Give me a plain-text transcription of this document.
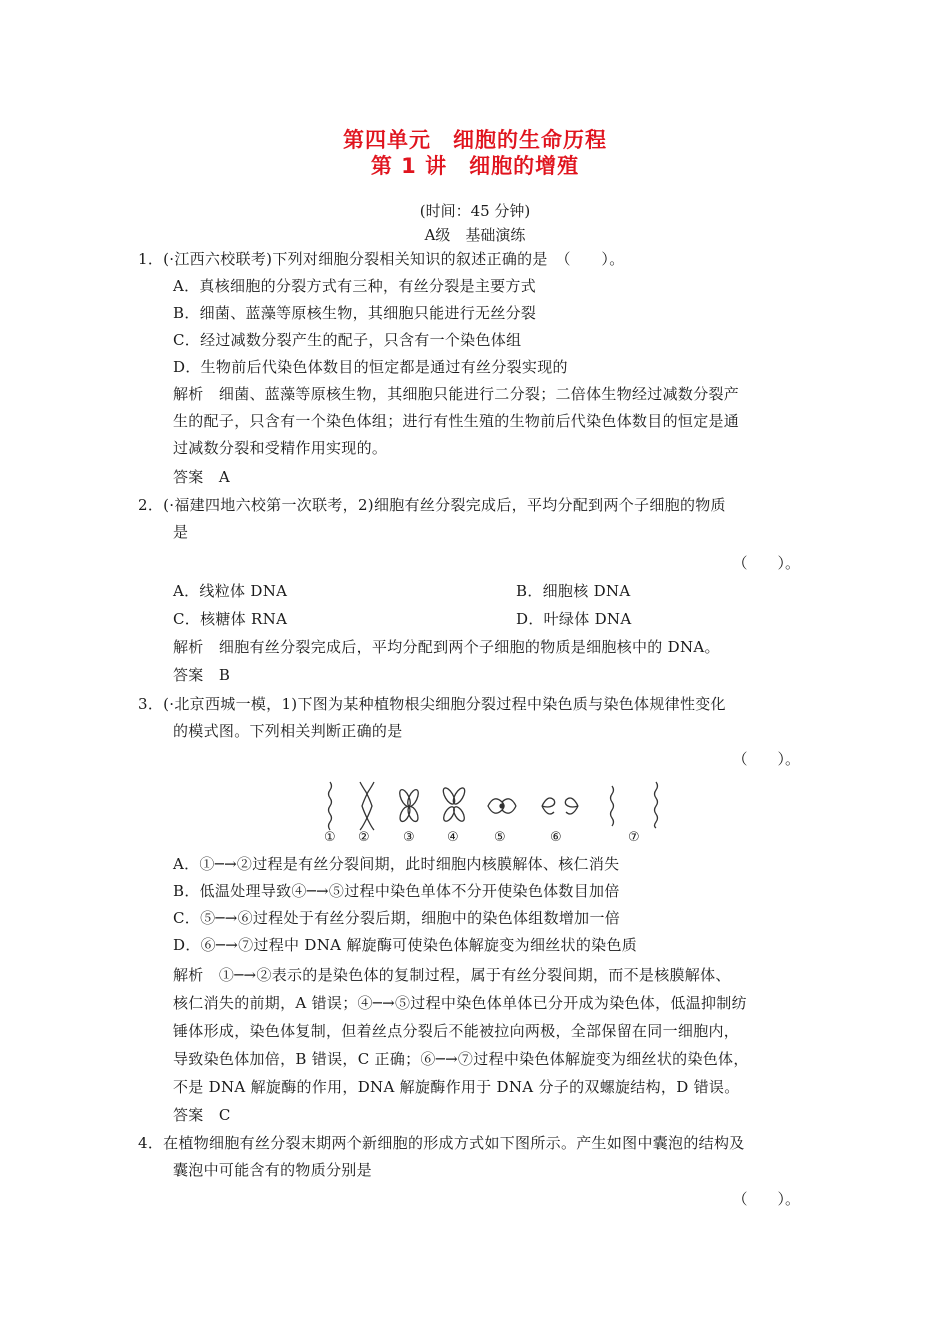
第四单元　细胞的生命历程
第 1 讲　细胞的增殖
(时间：45 分钟)
A级　基础演练
1．(·江西六校联考)下列对细胞分裂相关知识的叙述正确的是　（　　）。
A．真核细胞的分裂方式有三种，有丝分裂是主要方式
B．细菌、蓝藻等原核生物，其细胞只能进行无丝分裂
C．经过减数分裂产生的配子，只含有一个染色体组
D．生物前后代染色体数目的恒定都是通过有丝分裂实现的
解析　细菌、蓝藻等原核生物，其细胞只能进行二分裂；二倍体生物经过减数分裂产
生的配子，只含有一个染色体组；进行有性生殖的生物前后代染色体数目的恒定是通
过减数分裂和受精作用实现的。
答案　A
2．(·福建四地六校第一次联考，2)细胞有丝分裂完成后，平均分配到两个子细胞的物质
是
（　　）。
A．线粒体 DNA	B．细胞核 DNA
C．核糖体 RNA	D．叶绿体 DNA
解析　细胞有丝分裂完成后，平均分配到两个子细胞的物质是细胞核中的 DNA。
答案　B
3．(·北京西城一模，1)下图为某种植物根尖细胞分裂过程中染色质与染色体规律性变化
的模式图。下列相关判断正确的是
（　　）。
① ②	③ ④	⑤	⑥	⑦
A．①─→②过程是有丝分裂间期，此时细胞内核膜解体、核仁消失
B．低温处理导致④─→⑤过程中染色单体不分开使染色体数目加倍
C．⑤─→⑥过程处于有丝分裂后期，细胞中的染色体组数增加一倍
D．⑥─→⑦过程中 DNA 解旋酶可使染色体解旋变为细丝状的染色质
解析　①─→②表示的是染色体的复制过程，属于有丝分裂间期，而不是核膜解体、
核仁消失的前期，A 错误；④─→⑤过程中染色体单体已分开成为染色体，低温抑制纺
锤体形成，染色体复制，但着丝点分裂后不能被拉向两极，全部保留在同一细胞内，
导致染色体加倍，B 错误，C 正确；⑥─→⑦过程中染色体解旋变为细丝状的染色体，
不是 DNA 解旋酶的作用，DNA 解旋酶作用于 DNA 分子的双螺旋结构，D 错误。
答案　C
4．在植物细胞有丝分裂末期两个新细胞的形成方式如下图所示。产生如图中囊泡的结构及
囊泡中可能含有的物质分别是
（　　）。
